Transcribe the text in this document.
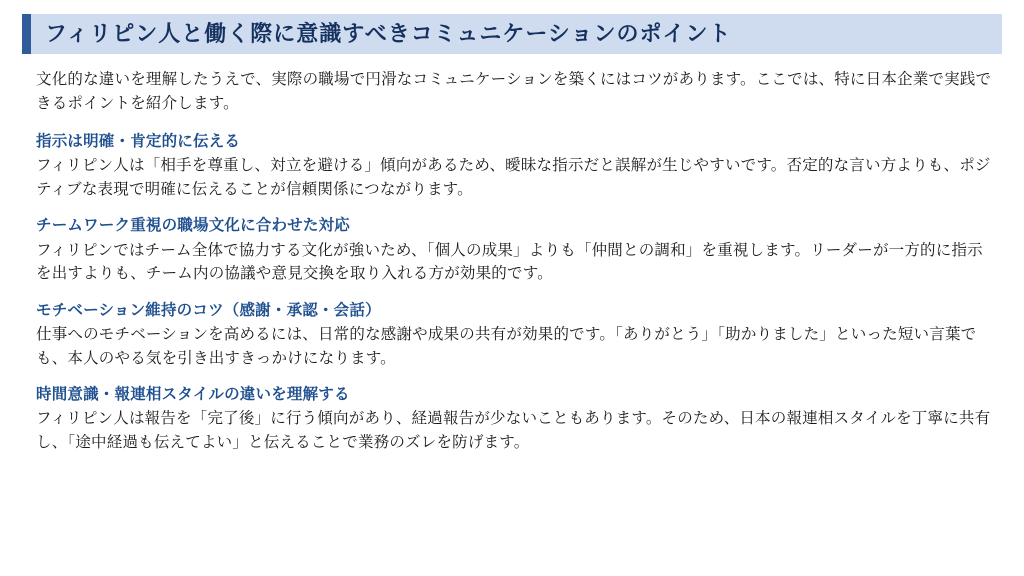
フィリピン人と働く際に意識すべきコミュニケーションのポイント

文化的な違いを理解したうえで、実際の職場で円滑なコミュニケーションを築くにはコツがあります。ここでは、特に日本企業で実践できるポイントを紹介します。

指示は明確・肯定的に伝える

フィリピン人は「相手を尊重し、対立を避ける」傾向があるため、曖昧な指示だと誤解が生じやすいです。否定的な言い方よりも、ポジティブな表現で明確に伝えることが信頼関係につながります。

チームワーク重視の職場文化に合わせた対応

フィリピンではチーム全体で協力する文化が強いため、「個人の成果」よりも「仲間との調和」を重視します。リーダーが一方的に指示を出すよりも、チーム内の協議や意見交換を取り入れる方が効果的です。

モチベーション維持のコツ（感謝・承認・会話）

仕事へのモチベーションを高めるには、日常的な感謝や成果の共有が効果的です。「ありがとう」「助かりました」といった短い言葉でも、本人のやる気を引き出すきっかけになります。

時間意識・報連相スタイルの違いを理解する

フィリピン人は報告を「完了後」に行う傾向があり、経過報告が少ないこともあります。そのため、日本の報連相スタイルを丁寧に共有し、「途中経過も伝えてよい」と伝えることで業務のズレを防げます。
